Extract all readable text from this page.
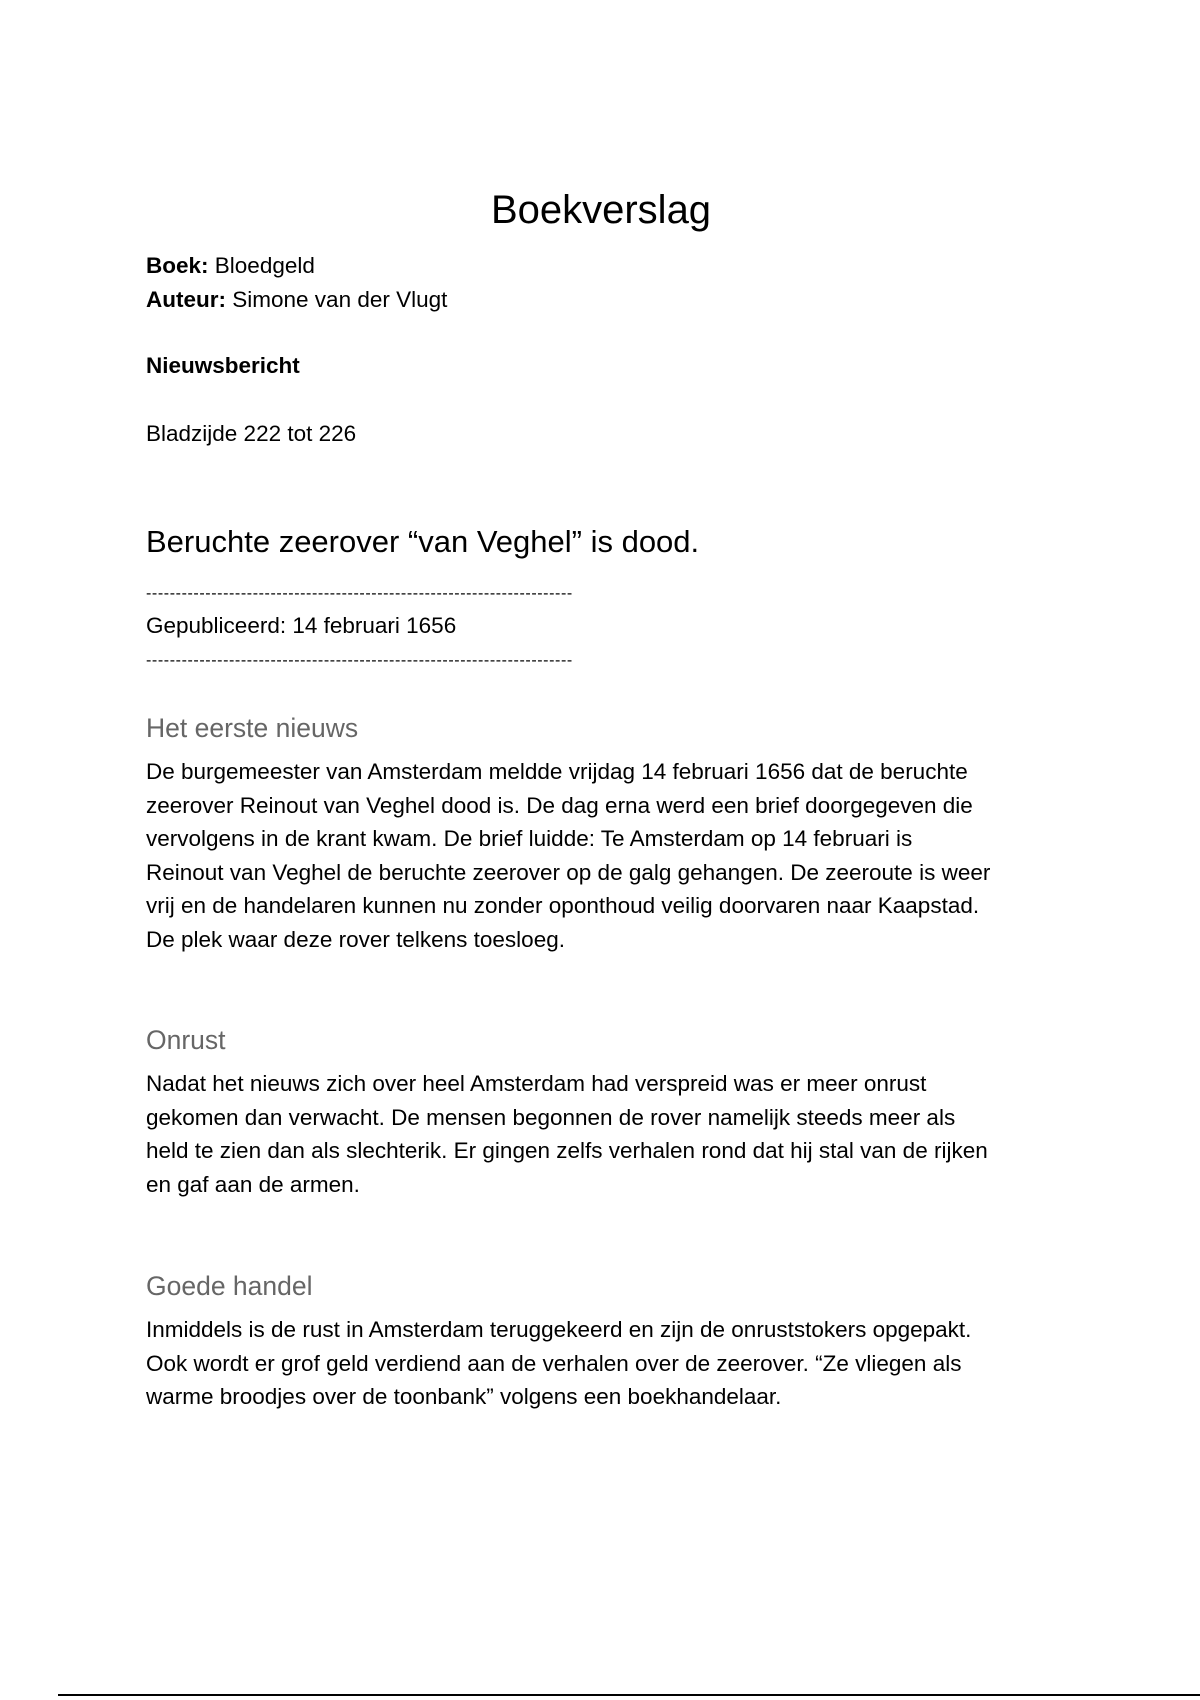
Boekverslag
Boek: Bloedgeld
Auteur: Simone van der Vlugt
Nieuwsbericht
Bladzijde 222 tot 226
Beruchte zeerover “van Veghel” is dood.
------------------------------------------------------------------------
Gepubliceerd: 14 februari 1656
------------------------------------------------------------------------
Het eerste nieuws

De burgemeester van Amsterdam meldde vrijdag 14 februari 1656 dat de beruchte
zeerover Reinout van Veghel dood is. De dag erna werd een brief doorgegeven die
vervolgens in de krant kwam. De brief luidde: Te Amsterdam op 14 februari is
Reinout van Veghel de beruchte zeerover op de galg gehangen. De zeeroute is weer
vrij en de handelaren kunnen nu zonder oponthoud veilig doorvaren naar Kaapstad.
De plek waar deze rover telkens toesloeg.

Onrust

Nadat het nieuws zich over heel Amsterdam had verspreid was er meer onrust
gekomen dan verwacht. De mensen begonnen de rover namelijk steeds meer als
held te zien dan als slechterik. Er gingen zelfs verhalen rond dat hij stal van de rijken
en gaf aan de armen.

Goede handel

Inmiddels is de rust in Amsterdam teruggekeerd en zijn de onruststokers opgepakt.
Ook wordt er grof geld verdiend aan de verhalen over de zeerover. “Ze vliegen als
warme broodjes over de toonbank” volgens een boekhandelaar.
